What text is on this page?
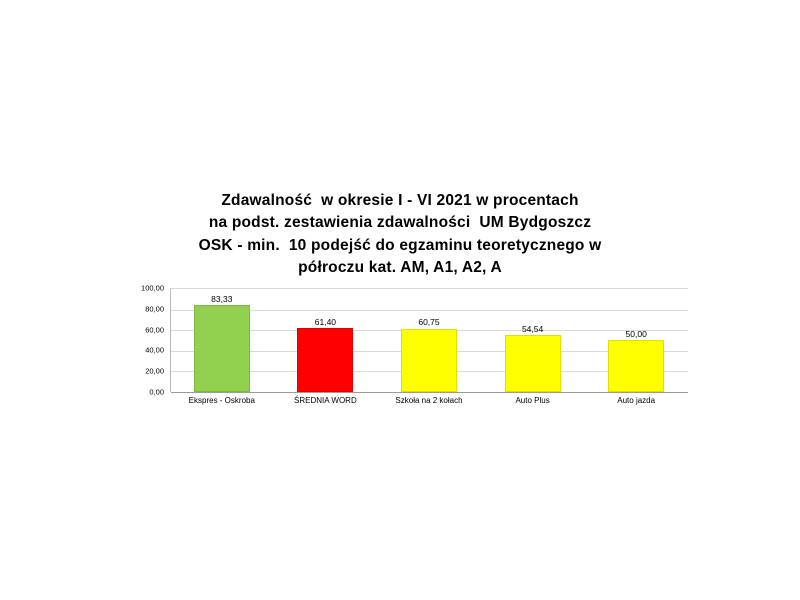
Zdawalność  w okresie I - VI 2021 w procentach
na podst. zestawienia zdawalności  UM Bydgoszcz
OSK - min.  10 podejść do egzaminu teoretycznego w
półroczu kat. AM, A1, A2, A
100,00
80,00
60,00
40,00
20,00
0,00
83,33
61,40	60,75
54,54	50,00
Ekspres - Oskroba	ŚREDNIA WORD	Szkoła na 2 kołach	Auto Plus	Auto jazda
